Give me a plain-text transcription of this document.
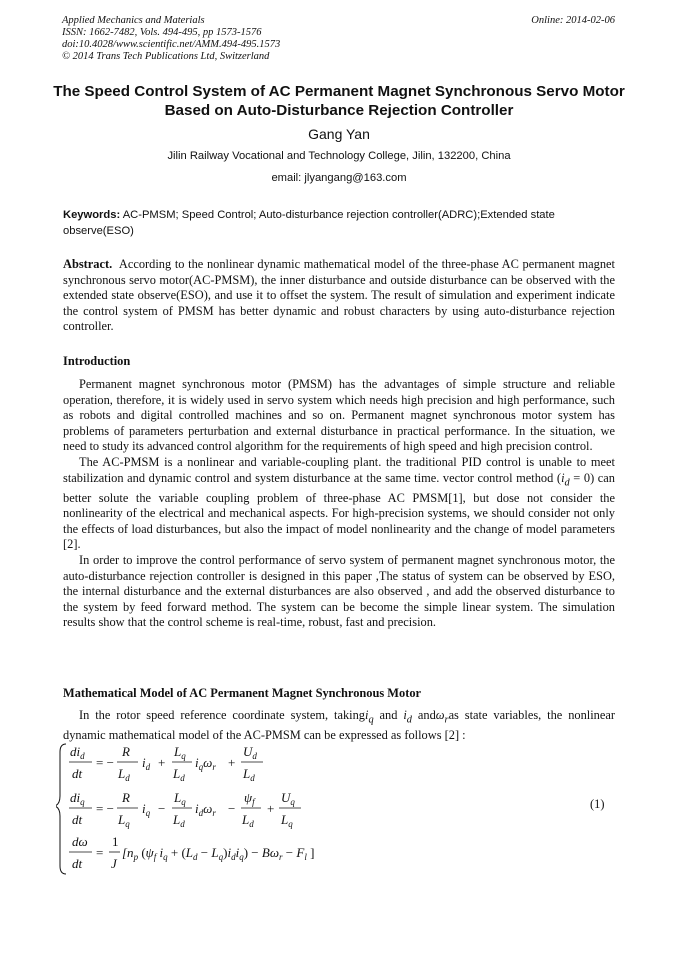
Applied Mechanics and Materials
ISSN: 1662-7482, Vols. 494-495, pp 1573-1576
doi:10.4028/www.scientific.net/AMM.494-495.1573
© 2014 Trans Tech Publications Ltd, Switzerland
Online: 2014-02-06
The Speed Control System of AC Permanent Magnet Synchronous Servo Motor Based on Auto-Disturbance Rejection Controller
Gang Yan
Jilin Railway Vocational and Technology College, Jilin, 132200, China
email: jlyangang@163.com
Keywords: AC-PMSM; Speed Control; Auto-disturbance rejection controller(ADRC);Extended state observe(ESO)
Abstract. According to the nonlinear dynamic mathematical model of the three-phase AC permanent magnet synchronous servo motor(AC-PMSM), the inner disturbance and outside disturbance can be observed with the extended state observe(ESO), and use it to offset the system. The result of simulation and experiment indicate the control system of PMSM has better dynamic and robust characters by using auto-disturbance rejection controller.
Introduction

Permanent magnet synchronous motor (PMSM) has the advantages of simple structure and reliable operation, therefore, it is widely used in servo system which needs high precision and high performance, such as robots and digital controlled machines and so on. Permanent magnet synchronous motor system has problems of parameters perturbation and external disturbance in practical performance. In the situation, we need to study its advanced control algorithm for the requirements of high speed and high precision control.

The AC-PMSM is a nonlinear and variable-coupling plant. the traditional PID control is unable to meet stabilization and dynamic control and system disturbance at the same time. vector control method $(i_d = 0)$ can better solute the variable coupling problem of three-phase AC PMSM[1], but dose not consider the nonlinearity of the electrical and mechanical aspects. For high-precision systems, we should consider not only the effects of load disturbances, but also the impact of model nonlinearity and the change of model parameters [2].

In order to improve the control performance of servo system of permanent magnet synchronous motor, the auto-disturbance rejection controller is designed in this paper ,The status of system can be observed by ESO, the internal disturbance and the external disturbances are also observed , and add the observed disturbance to the system by feed forward method. The system can be become the simple linear system. The simulation results show that the control scheme is real-time, robust, fast and precision.

Mathematical Model of AC Permanent Magnet Synchronous Motor

In the rotor speed reference coordinate system, takingi$_q$ and $i_d$ andω$_r$as state variables, the nonlinear dynamic mathematical model of the AC-PMSM can be expressed as follows [2] :

$di_d$
dt
= −
R
$L_d$
$i_d$ +
$L_q$
$L_d$
$i_q\omega_r$ +
$U_d$
$L_d$
$di_q$
dt
= −
R
$L_q$
$i_q$ −
$L_q$
$L_d$
$i_d\omega_r$ −
$\psi_f$
$L_d$
+
$U_q$
$L_q$
dω
dt
=
1
J
[$n_p$ ($\psi_f$ $i_q + (L_d - L_q)i_di_q) - B\omega_r - F_l$ ]
(1)
